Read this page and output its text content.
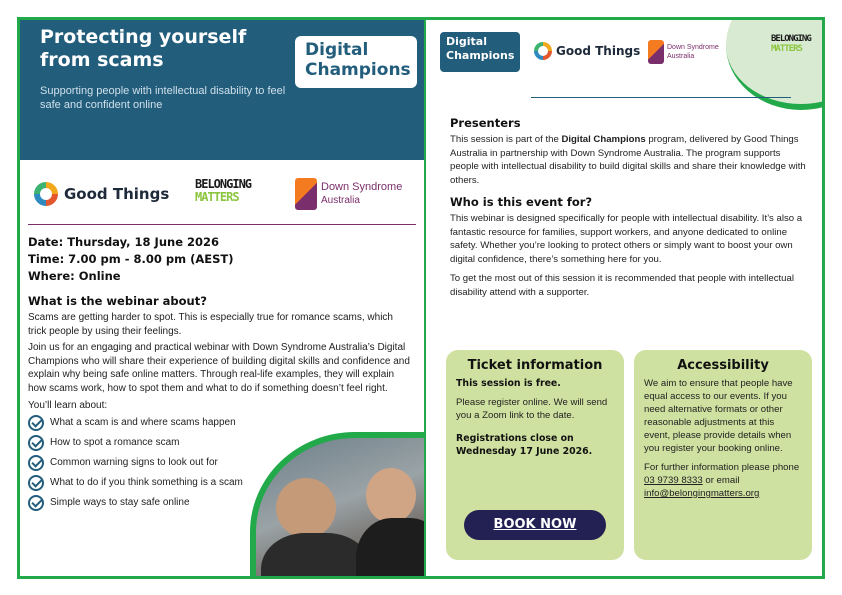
Protecting yourself from scams
Supporting people with intellectual disability to feel safe and confident online
Digital
Champions
Good Things
BELONGING
MATTERS
Down Syndrome
Australia
Date: Thursday, 18 June 2026
Time: 7.00 pm - 8.00 pm (AEST)
Where: Online
What is the webinar about?
Scams are getting harder to spot. This is especially true for romance scams, which trick people by using their feelings.
Join us for an engaging and practical webinar with Down Syndrome Australia’s Digital Champions who will share their experience of building digital skills and confidence and explain why being safe online matters. Through real-life examples, they will explain how scams work, how to spot them and what to do if something doesn’t feel right.
You’ll learn about:
What a scam is and where scams happen
How to spot a romance scam
Common warning signs to look out for
What to do if you think something is a scam
Simple ways to stay safe online
Digital
Champions	Good Things	Down Syndrome
Australia
BELONGING
MATTERS
Presenters
This session is part of the Digital Champions program, delivered by Good Things Australia in partnership with Down Syndrome Australia. The program supports people with intellectual disability to build digital skills and share their knowledge with others.
Who is this event for?
This webinar is designed specifically for people with intellectual disability. It’s also a fantastic resource for families, support workers, and anyone dedicated to online safety. Whether you’re looking to protect others or simply want to boost your own digital confidence, there’s something here for you.
To get the most out of this session it is recommended that people with intellectual disability attend with a supporter.
Ticket information
This session is free.
Please register online. We will send you a Zoom link to the date.
Registrations close on Wednesday 17 June 2026.
BOOK NOW
Accessibility
We aim to ensure that people have equal access to our events. If you need alternative formats or other reasonable adjustments at this event, please provide details when you register your booking online.
For further information please phone 03 9739 8333 or email info@belongingmatters.org
